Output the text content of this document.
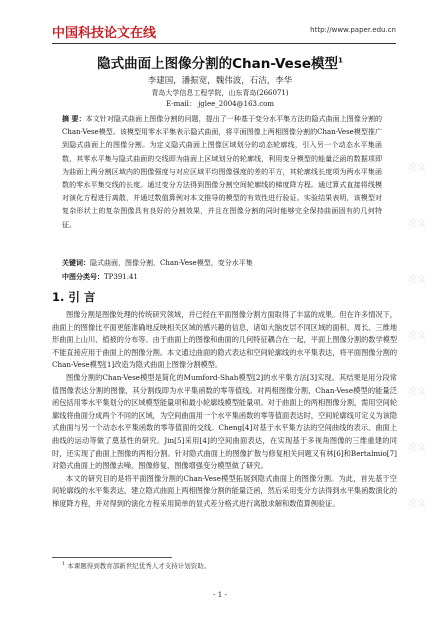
中国科技论文在线	http://www.paper.edu.cn
隐式曲面上图像分割的Chan-Vese模型$^1$
李建国，潘振宽，魏伟波，石洁，李华
青岛大学信息工程学院，山东青岛(266071)
E-mail： jglee_2004@163.com
摘 要：本文针对隐式曲面上图像分割的问题，提出了一种基于变分水平集方法的隐式曲面上图像分割的Chan-Vese模型。该模型用零水平集表示隐式曲面，将平面图像上两相图像分割的Chan-Vese模型推广到隐式曲面上的图像分割。为定义隐式曲面上图像区域划分的动态轮廓线，引入另一个动态水平集函数，其零水平集与隐式曲面的交线即为曲面上区域划分的轮廓线，利用变分模型的能量泛函的数据项即为曲面上两分割区域内的图像强度与对应区域平均图像强度的差的平方，其轮廓线长度项为两水平集函数的零水平集交线的长度。通过变分方法得到图像分割空间轮廓线的梯度降方程。通过算式直接将线模对演化方程进行离散，并通过数值算例对本文推导的模型的有效性进行验证。实验结果表明，该模型对复杂形状上的复杂图像具有良好的分割效果，并且在图像分割的同时能够完全保持曲面固有的几何特征。
关键词：隐式曲面，图像分割，Chan-Vese模型，变分水平集
中图分类号：TP391.41
1. 引 言

图像分割是图像处理的传统研究领域，并已经在平面图像分割方面取得了丰富的成果。但在许多情况下，曲面上的图像比平面更能准确地反映相关区域的感兴趣的信息，诸如大脑皮层不同区域的面积、周长、三维地形曲面上山川、植被的分布等。由于曲面上的图像和曲面的几何特征耦合在一起，平面上图像分割的数学模型不能直接应用于曲面上的图像分割。本文通过曲面的隐式表达和空间轮廓线的水平集表达，将平面图像分割的Chan-Vese模型[1]改造为隐式曲面上图像分割模型。

图像分割的Chan-Vese模型是简化的Mumford-Shah模型[2]的水平集方法[3]实现。其结果是用分段常值图像表达分割的图像，其分割线即为水平集函数的零等值线。对两相图像分割，Chan-Vese模型的能量泛函包括用零水平集划分的区域模型能量项和最小轮廓线模型能量项。对于曲面上的两相图像分割，需用空间轮廓线将曲面分成两个不同的区域，为空间曲面用一个水平集函数的零等值面表达时，空间轮廓线可定义为该隐式曲面与另一个动态水平集函数的零等值面的交线。Cheng[4]对基于水平集方法的空间曲线的表示、曲面上曲线的运动等做了奠基性的研究。Jin[5]采用[4]的空间曲面表达，在实现基于多视角图像的三维重建的同时，还实现了曲面上图像的两相分割。针对隐式曲面上的图像扩散与修复相关问题又有林[6]和Bertalmio[7]对隐式曲面上的图像去噪、图像修复、图像增强变分模型做了研究。

本文的研究目的是将平面图像分割的Chan-Vese模型拓展到隐式曲面上的图像分割。为此，首先基于空间轮廓线的水平集表达，建立隐式曲面上两相图像分割的能量泛函，然后采用变分方法得到水平集函数演化的梯度降方程，并对得到的演化方程采用简单的显式差分格式进行离散求解和数值算例验证。

$^1$ 本课题得到教育部新世纪优秀人才支持计划资助。
- 1 -
论文
论文
论文
论文
论文
论文
论文
